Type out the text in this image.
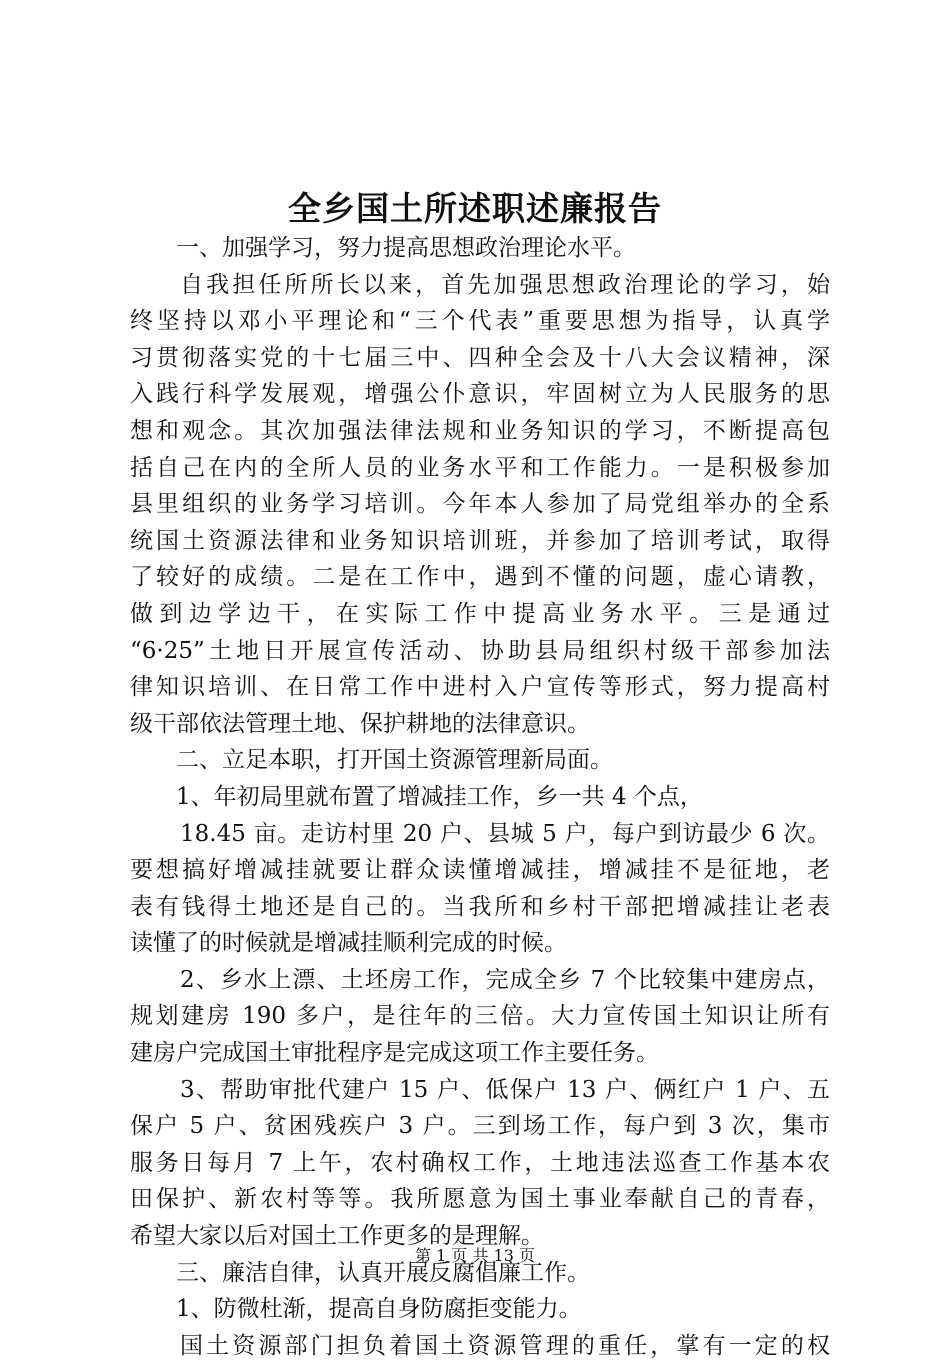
全乡国土所述职述廉报告
一、加强学习，努力提高思想政治理论水平。
自我担任所所长以来，首先加强思想政治理论的学习，始
终坚持以邓小平理论和“三个代表”重要思想为指导，认真学
习贯彻落实党的十七届三中、四种全会及十八大会议精神，深
入践行科学发展观，增强公仆意识，牢固树立为人民服务的思
想和观念。其次加强法律法规和业务知识的学习，不断提高包
括自己在内的全所人员的业务水平和工作能力。一是积极参加
县里组织的业务学习培训。今年本人参加了局党组举办的全系
统国土资源法律和业务知识培训班，并参加了培训考试，取得
了较好的成绩。二是在工作中，遇到不懂的问题，虚心请教，
做到边学边干，在实际工作中提高业务水平。三是通过
“6·25”土地日开展宣传活动、协助县局组织村级干部参加法
律知识培训、在日常工作中进村入户宣传等形式，努力提高村
级干部依法管理土地、保护耕地的法律意识。
二、立足本职，打开国土资源管理新局面。
1、年初局里就布置了增减挂工作，乡一共 4 个点，
18.45 亩。走访村里 20 户、县城 5 户，每户到访最少 6 次。
要想搞好增减挂就要让群众读懂增减挂，增减挂不是征地，老
表有钱得土地还是自己的。当我所和乡村干部把增减挂让老表
读懂了的时候就是增减挂顺利完成的时候。
2、乡水上漂、土坯房工作，完成全乡 7 个比较集中建房点，
规划建房 190 多户，是往年的三倍。大力宣传国土知识让所有
建房户完成国土审批程序是完成这项工作主要任务。
3、帮助审批代建户 15 户、低保户 13 户、俩红户 1 户、五
保户 5 户、贫困残疾户 3 户。三到场工作，每户到 3 次，集市
服务日每月 7 上午，农村确权工作，土地违法巡查工作基本农
田保护、新农村等等。我所愿意为国土事业奉献自己的青春，
希望大家以后对国土工作更多的是理解。
三、廉洁自律，认真开展反腐倡廉工作。
1、防微杜渐，提高自身防腐拒变能力。
国土资源部门担负着国土资源管理的重任，掌有一定的权
第 1 页 共 13 页
